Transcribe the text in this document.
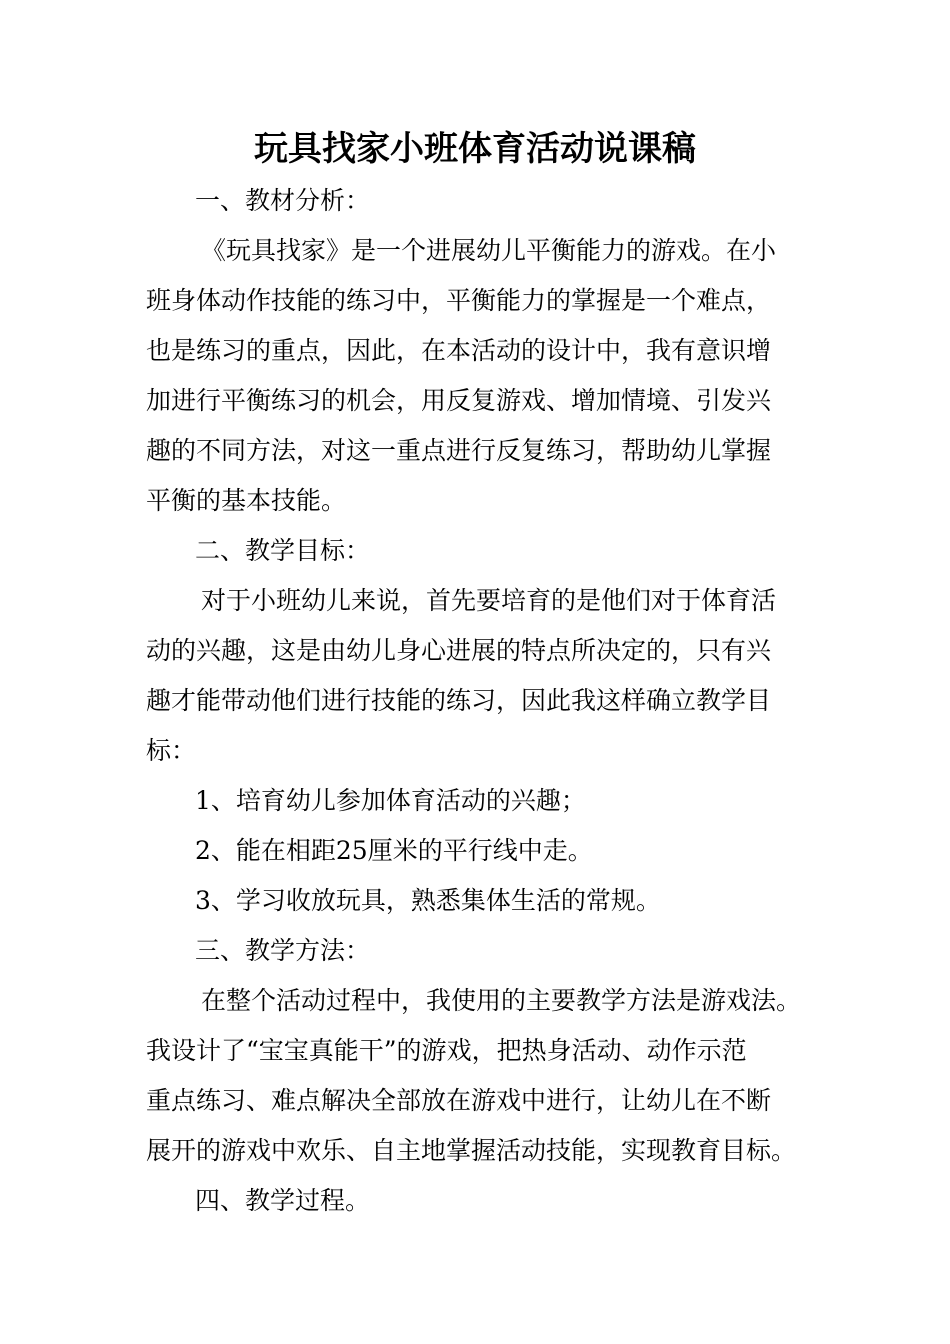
玩具找家小班体育活动说课稿

一、教材分析：

《玩具找家》是一个进展幼儿平衡能力的游戏。在小

班身体动作技能的练习中，平衡能力的掌握是一个难点，

也是练习的重点，因此，在本活动的设计中，我有意识增

加进行平衡练习的机会，用反复游戏、增加情境、引发兴

趣的不同方法，对这一重点进行反复练习，帮助幼儿掌握

平衡的基本技能。

二、教学目标：

对于小班幼儿来说，首先要培育的是他们对于体育活

动的兴趣，这是由幼儿身心进展的特点所决定的，只有兴

趣才能带动他们进行技能的练习，因此我这样确立教学目

标：

1、培育幼儿参加体育活动的兴趣；

2、能在相距25厘米的平行线中走。

3、学习收放玩具，熟悉集体生活的常规。

三、教学方法：

在整个活动过程中，我使用的主要教学方法是游戏法。

我设计了“宝宝真能干”的游戏，把热身活动、动作示范

重点练习、难点解决全部放在游戏中进行，让幼儿在不断

展开的游戏中欢乐、自主地掌握活动技能，实现教育目标。

四、教学过程。
